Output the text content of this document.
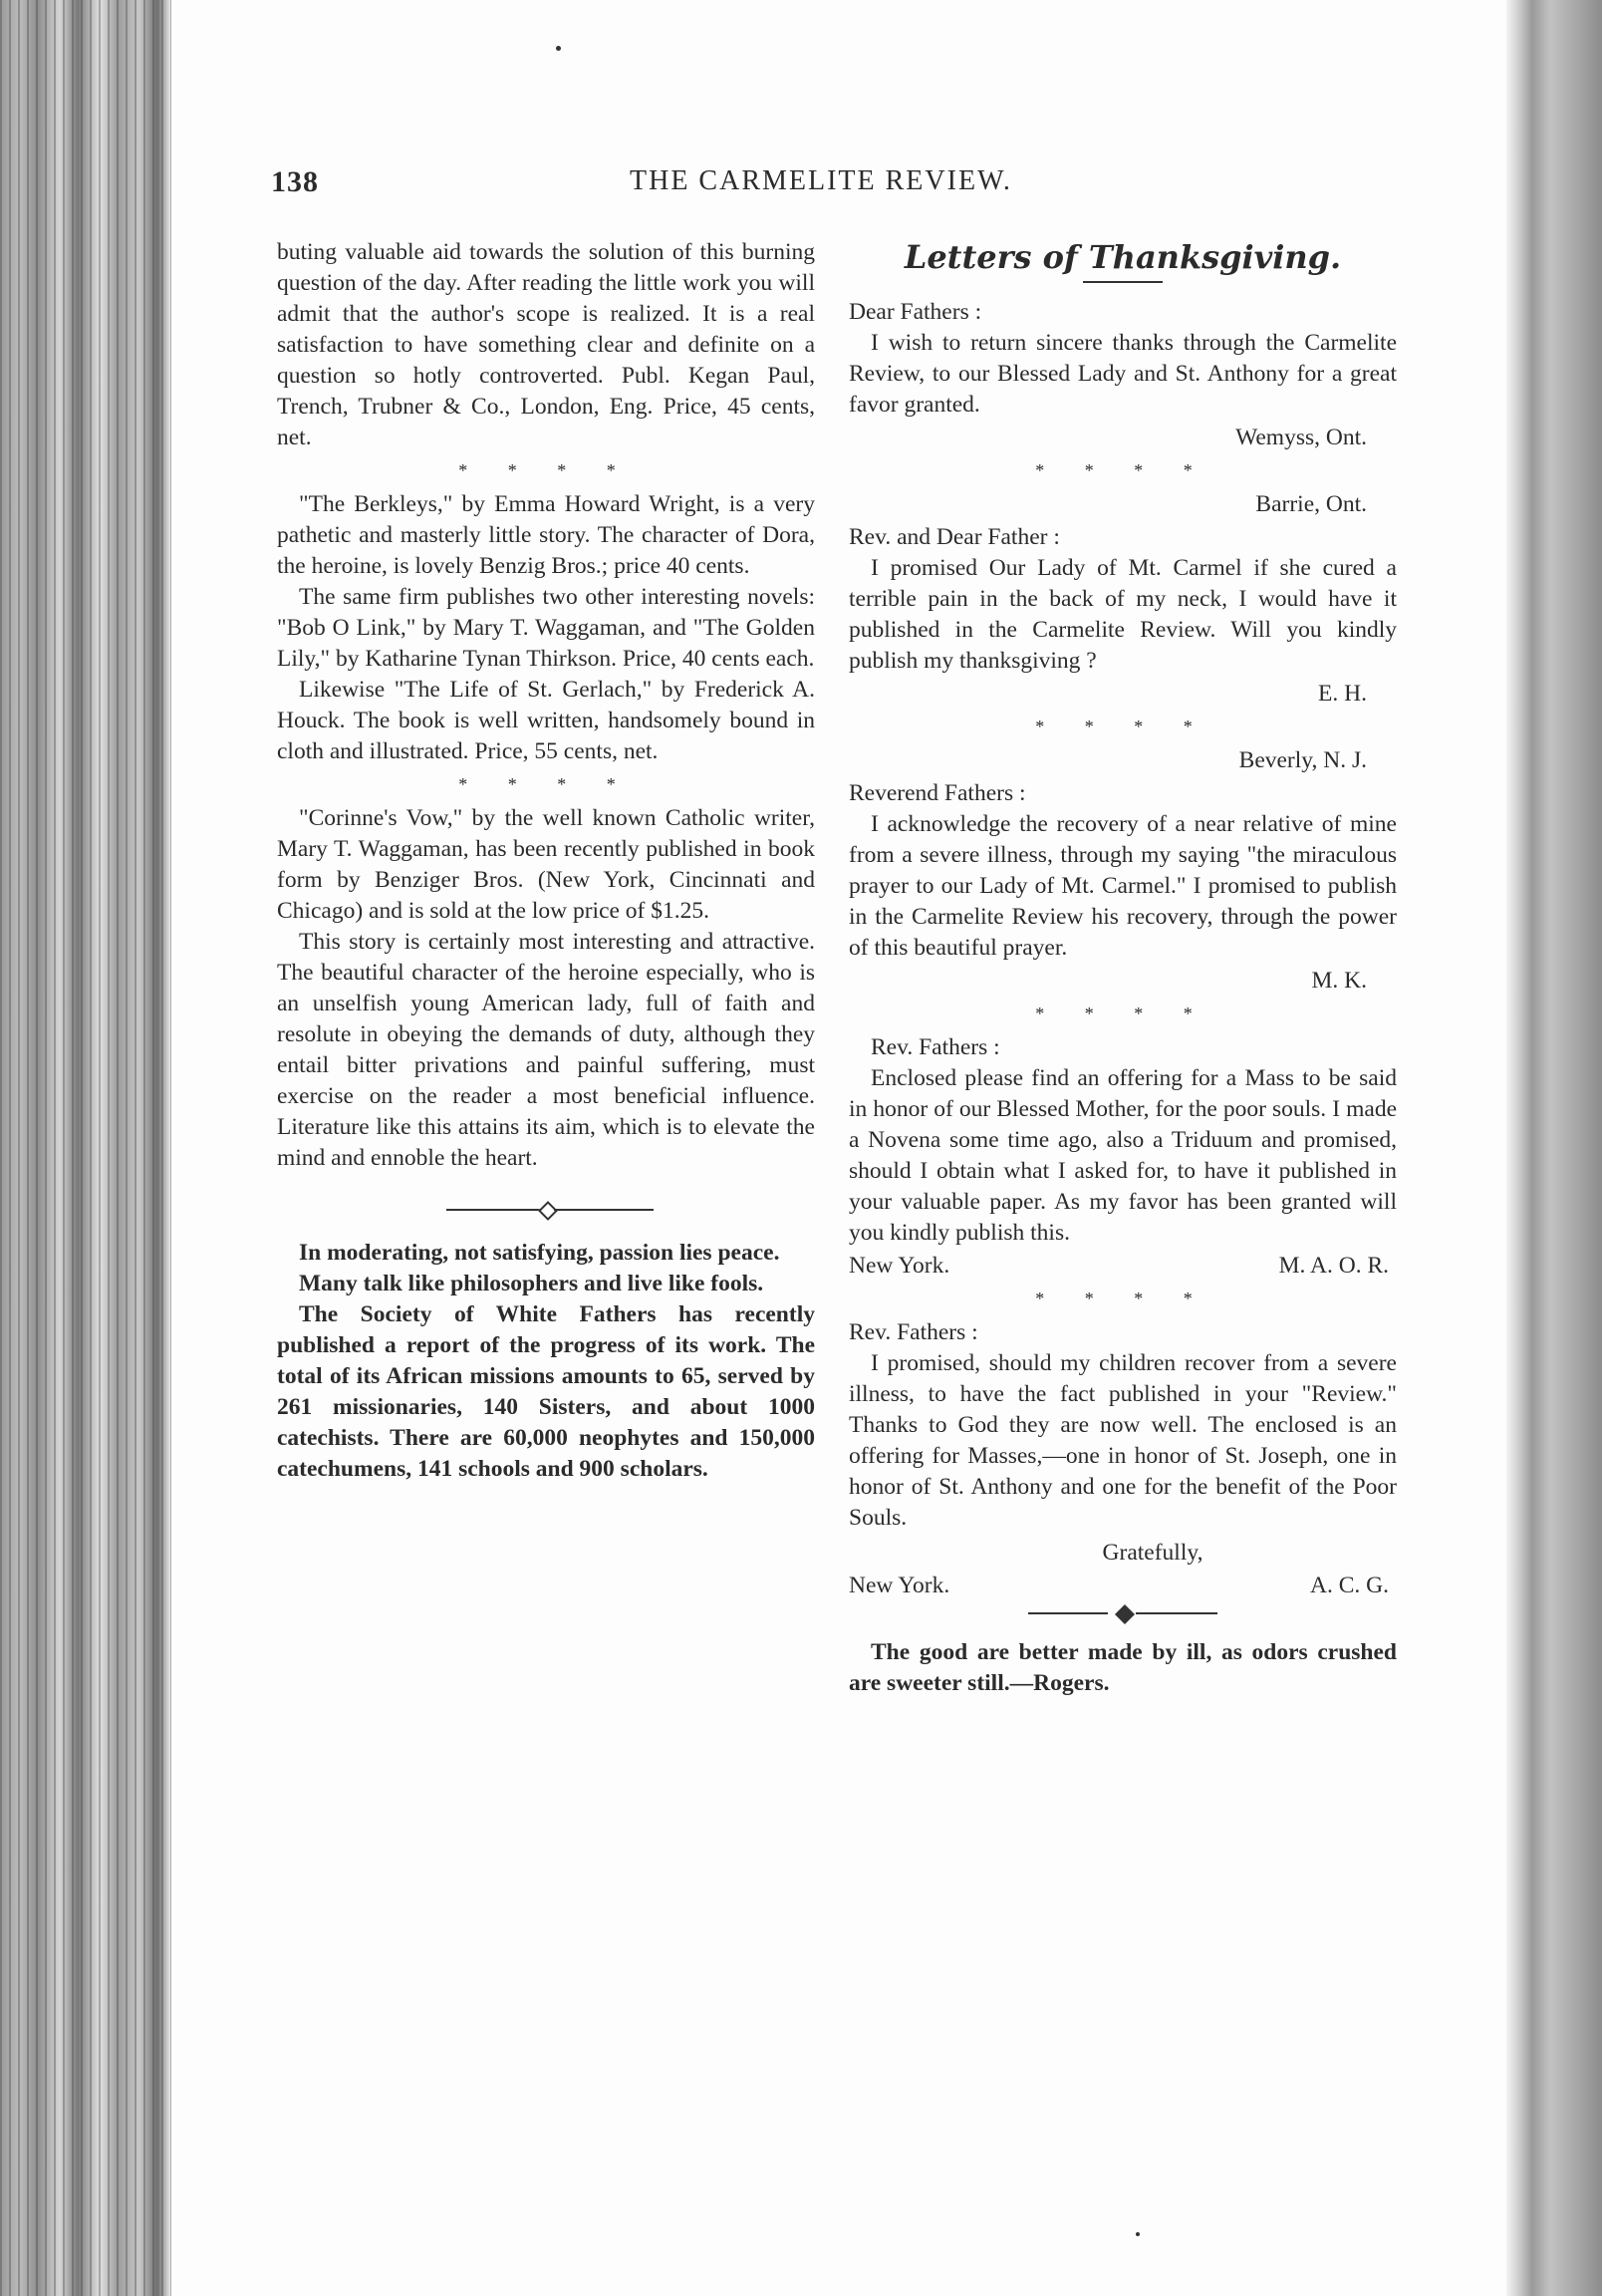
138	THE CARMELITE REVIEW.

buting valuable aid towards the solution of this burning question of the day. After reading the little work you will admit that the author's scope is realized. It is a real satisfaction to have something clear and definite on a question so hotly controverted. Publ. Kegan Paul, Trench, Trubner & Co., London, Eng. Price, 45 cents, net.

* * * *

"The Berkleys," by Emma Howard Wright, is a very pathetic and masterly little story. The character of Dora, the heroine, is lovely Benzig Bros.; price 40 cents.

The same firm publishes two other interesting novels: "Bob O Link," by Mary T. Waggaman, and "The Golden Lily," by Katharine Tynan Thirkson. Price, 40 cents each.

Likewise "The Life of St. Gerlach," by Frederick A. Houck. The book is well written, handsomely bound in cloth and illustrated. Price, 55 cents, net.

* * * *

"Corinne's Vow," by the well known Catholic writer, Mary T. Waggaman, has been recently published in book form by Benziger Bros. (New York, Cincinnati and Chicago) and is sold at the low price of $1.25.

This story is certainly most interesting and attractive. The beautiful character of the heroine especially, who is an unselfish young American lady, full of faith and resolute in obeying the demands of duty, although they entail bitter privations and painful suffering, must exercise on the reader a most beneficial influence. Literature like this attains its aim, which is to elevate the mind and ennoble the heart.

In moderating, not satisfying, passion lies peace.

Many talk like philosophers and live like fools.

The Society of White Fathers has recently published a report of the progress of its work. The total of its African missions amounts to 65, served by 261 missionaries, 140 Sisters, and about 1000 catechists. There are 60,000 neophytes and 150,000 catechumens, 141 schools and 900 scholars.

Letters of Thanksgiving.

Dear Fathers :

I wish to return sincere thanks through the Carmelite Review, to our Blessed Lady and St. Anthony for a great favor granted.

Wemyss, Ont.
* * * *
Barrie, Ont.

Rev. and Dear Father :

I promised Our Lady of Mt. Carmel if she cured a terrible pain in the back of my neck, I would have it published in the Carmelite Review. Will you kindly publish my thanksgiving ?

E. H.
* * * *
Beverly, N. J.

Reverend Fathers :

I acknowledge the recovery of a near relative of mine from a severe illness, through my saying "the miraculous prayer to our Lady of Mt. Carmel." I promised to publish in the Carmelite Review his recovery, through the power of this beautiful prayer.

M. K.
* * * *

Rev. Fathers :

Enclosed please find an offering for a Mass to be said in honor of our Blessed Mother, for the poor souls. I made a Novena some time ago, also a Triduum and promised, should I obtain what I asked for, to have it published in your valuable paper. As my favor has been granted will you kindly publish this.

New York.	M. A. O. R.
* * * *

Rev. Fathers :

I promised, should my children recover from a severe illness, to have the fact published in your "Review." Thanks to God they are now well. The enclosed is an offering for Masses,—one in honor of St. Joseph, one in honor of St. Anthony and one for the benefit of the Poor Souls.

Gratefully,
New York.	A. C. G.

The good are better made by ill, as odors crushed are sweeter still.—Rogers.
